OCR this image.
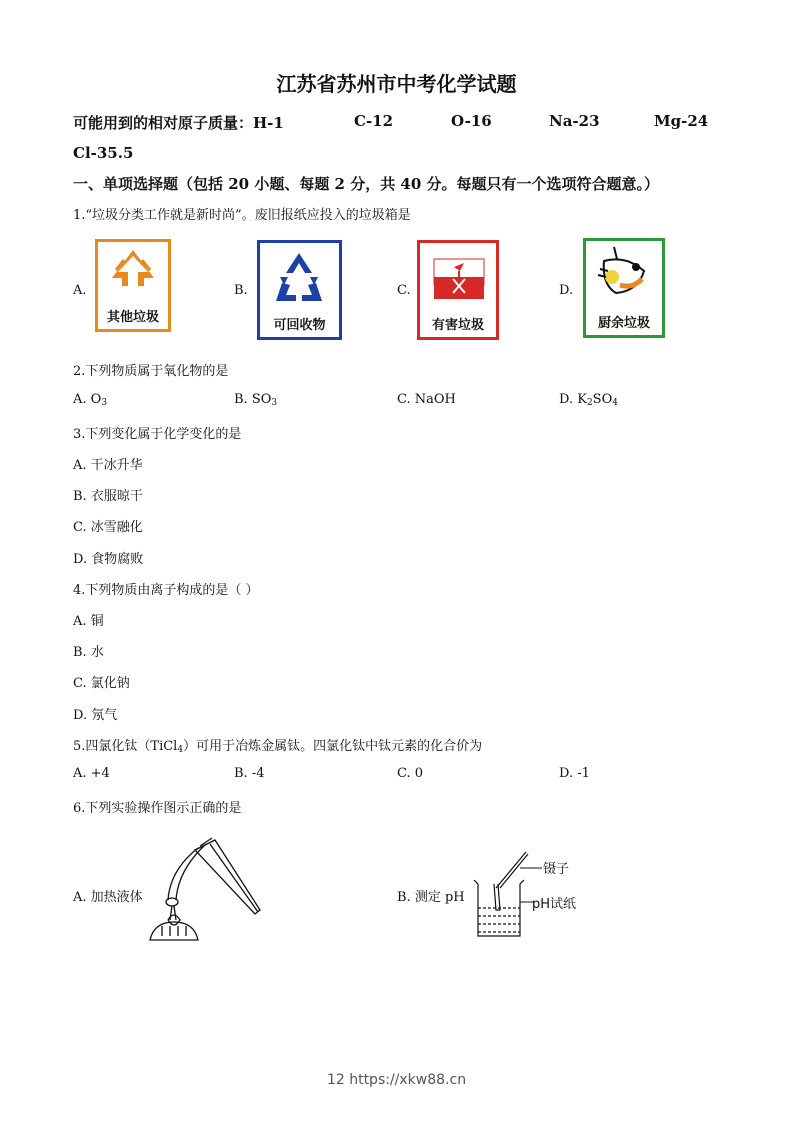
江苏省苏州市中考化学试题
可能用到的相对原子质量：H-1	C-12	O-16	Na-23	Mg-24
Cl-35.5
一、单项选择题（包括 20 小题、每题 2 分，共 40 分。每题只有一个选项符合题意。）
1.“垃圾分类工作就是新时尚”。废旧报纸应投入的垃圾箱是
A.
其他垃圾
B.
可回收物
C.
有害垃圾
D.
厨余垃圾
2.下列物质属于氧化物的是
A. $O_3$	B. $SO_3$	C. NaOH	D. $K_2SO_4$
3.下列变化属于化学变化的是
A. 干冰升华
B. 衣服晾干
C. 冰雪融化
D. 食物腐败
4.下列物质由离子构成的是（ ）
A. 铜
B. 水
C. 氯化钠
D. 氖气
5.四氯化钛（TiCl$_4$）可用于冶炼金属钛。四氯化钛中钛元素的化合价为
A. +4	B. -4	C. 0	D. -1
6.下列实验操作图示正确的是
A. 加热液体	B. 测定 pH
镊子
pH试纸
12 https://xkw88.cn
